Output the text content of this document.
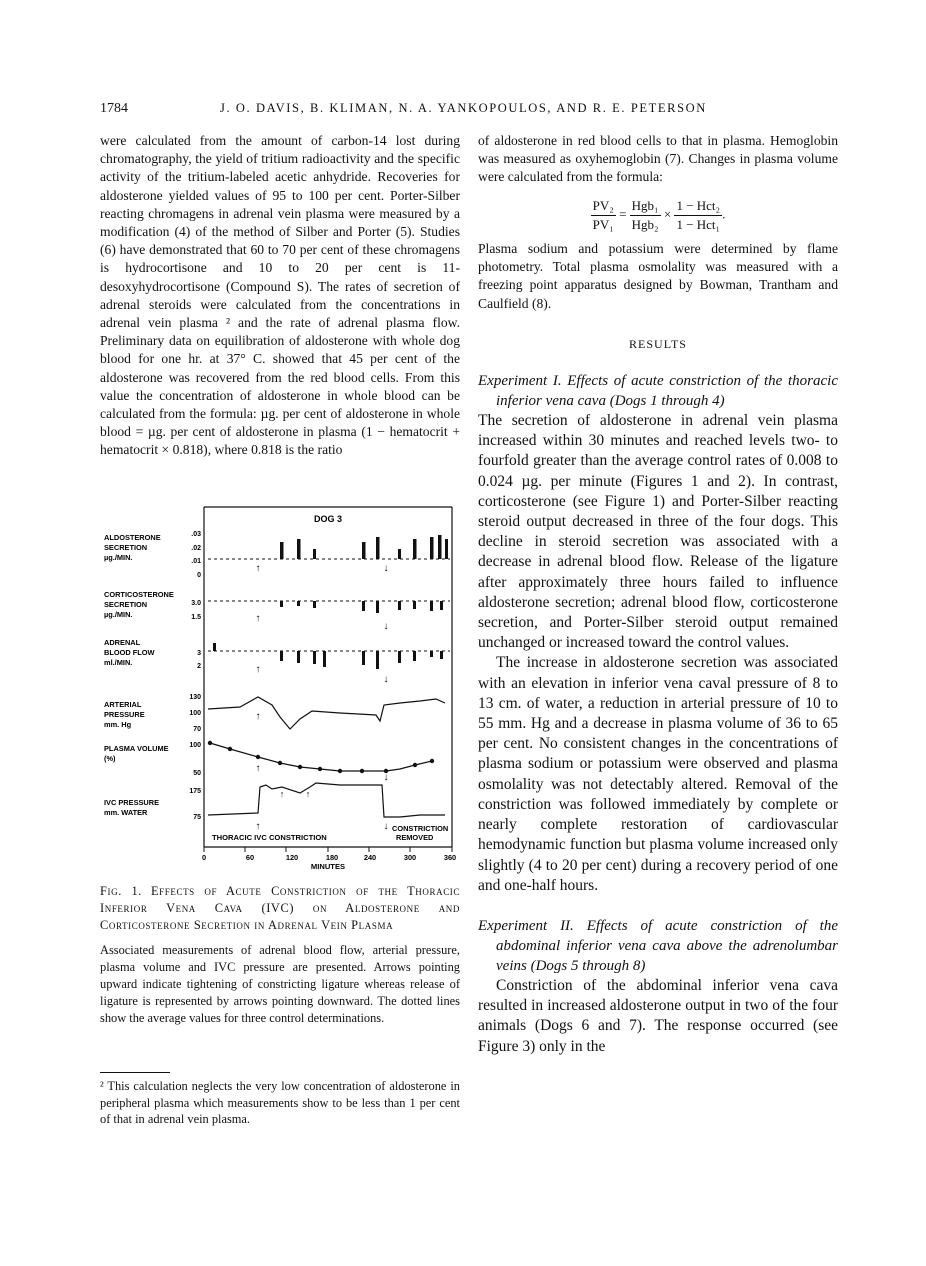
1784	J. O. DAVIS, B. KLIMAN, N. A. YANKOPOULOS, AND R. E. PETERSON

were calculated from the amount of carbon-14 lost during chromatography, the yield of tritium radioactivity and the specific activity of the tritium-labeled acetic anhydride. Recoveries for aldosterone yielded values of 95 to 100 per cent. Porter-Silber reacting chromagens in adrenal vein plasma were measured by a modification (4) of the method of Silber and Porter (5). Studies (6) have demonstrated that 60 to 70 per cent of these chromagens is hydrocortisone and 10 to 20 per cent is 11-desoxyhydrocortisone (Compound S). The rates of secretion of adrenal steroids were calculated from the concentrations in adrenal vein plasma ² and the rate of adrenal plasma flow. Preliminary data on equilibration of aldosterone with whole dog blood for one hr. at 37° C. showed that 45 per cent of the aldosterone was recovered from the red blood cells. From this value the concentration of aldosterone in whole blood can be calculated from the formula: µg. per cent of aldosterone in whole blood = µg. per cent of aldosterone in plasma (1 − hematocrit + hematocrit × 0.818), where 0.818 is the ratio

DOG 3
ALDOSTERONE
SECRETION
µg./MIN.
.03
.02
.01
0
↑	↓
CORTICOSTERONE
SECRETION
µg./MIN.
3.0
1.5	↑
↓
ADRENAL
BLOOD FLOW
ml./MIN.
3
2	↑
↓
ARTERIAL
PRESSURE
mm. Hg
130
100
70
↑
PLASMA VOLUME
(%)
100
50	↑
↓
IVC PRESSURE
mm. WATER
175
75
↑
↑ ↑
↓
THORACIC IVC CONSTRICTION
CONSTRICTION
REMOVED
0	60	120	180	240	300	360
MINUTES

Fig. 1. Effects of Acute Constriction of the Thoracic Inferior Vena Cava (IVC) on Aldosterone and Corticosterone Secretion in Adrenal Vein Plasma

Associated measurements of adrenal blood flow, arterial pressure, plasma volume and IVC pressure are presented. Arrows pointing upward indicate tightening of constricting ligature whereas release of ligature is represented by arrows pointing downward. The dotted lines show the average values for three control determinations.

² This calculation neglects the very low concentration of aldosterone in peripheral plasma which measurements show to be less than 1 per cent of that in adrenal vein plasma.

of aldosterone in red blood cells to that in plasma. Hemoglobin was measured as oxyhemoglobin (7). Changes in plasma volume were calculated from the formula:

$\frac{\text{PV₂}}{\text{PV₁}} = \frac{\text{Hgb₁}}{\text{Hgb₂}} \times \frac{\text{1 − Hct₂}}{\text{1 − Hct₁}}$ .

Plasma sodium and potassium were determined by flame photometry. Total plasma osmolality was measured with a freezing point apparatus designed by Bowman, Trantham and Caulfield (8).

RESULTS

Experiment I. Effects of acute constriction of the thoracic inferior vena cava (Dogs 1 through 4)

The secretion of aldosterone in adrenal vein plasma increased within 30 minutes and reached levels two- to fourfold greater than the average control rates of 0.008 to 0.024 µg. per minute (Figures 1 and 2). In contrast, corticosterone (see Figure 1) and Porter-Silber reacting steroid output decreased in three of the four dogs. This decline in steroid secretion was associated with a decrease in adrenal blood flow. Release of the ligature after approximately three hours failed to influence aldosterone secretion; adrenal blood flow, corticosterone secretion, and Porter-Silber steroid output remained unchanged or increased toward the control values.

The increase in aldosterone secretion was associated with an elevation in inferior vena caval pressure of 8 to 13 cm. of water, a reduction in arterial pressure of 10 to 55 mm. Hg and a decrease in plasma volume of 36 to 65 per cent. No consistent changes in the concentrations of plasma sodium or potassium were observed and plasma osmolality was not detectably altered. Removal of the constriction was followed immediately by complete or nearly complete restoration of cardiovascular hemodynamic function but plasma volume increased only slightly (4 to 20 per cent) during a recovery period of one and one-half hours.

Experiment II. Effects of acute constriction of the abdominal inferior vena cava above the adrenolumbar veins (Dogs 5 through 8)

Constriction of the abdominal inferior vena cava resulted in increased aldosterone output in two of the four animals (Dogs 6 and 7). The response occurred (see Figure 3) only in the
